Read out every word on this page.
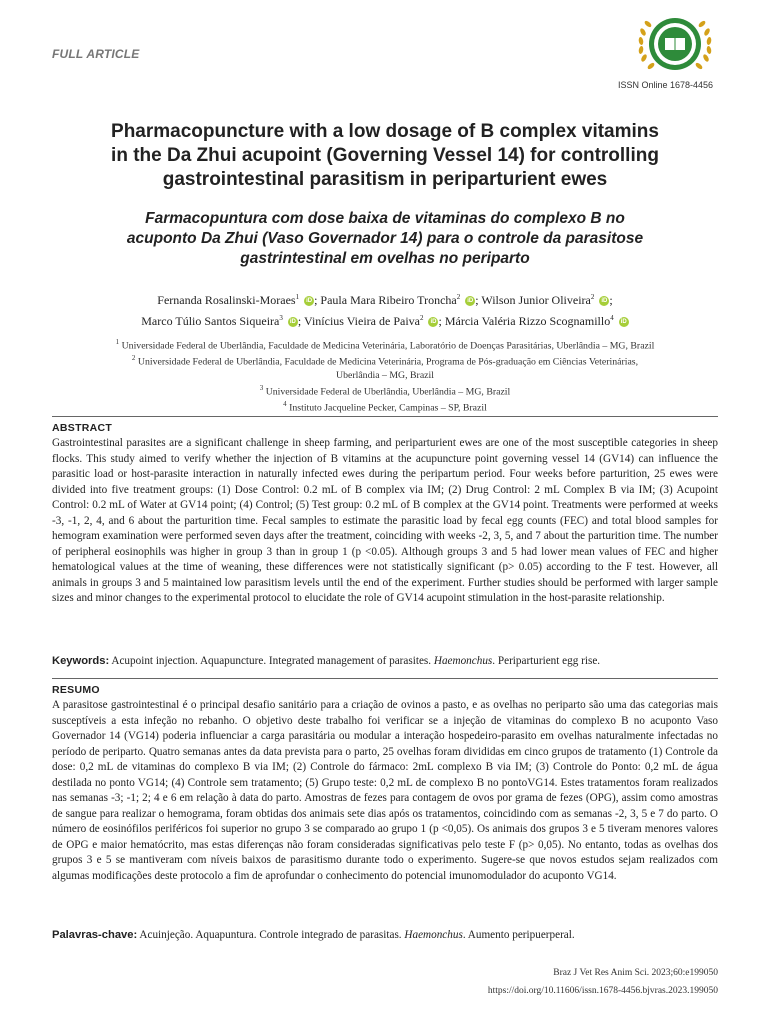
FULL ARTICLE
ISSN Online 1678-4456
Pharmacopuncture with a low dosage of B complex vitamins
in the Da Zhui acupoint (Governing Vessel 14) for controlling
gastrointestinal parasitism in periparturient ewes
Farmacopuntura com dose baixa de vitaminas do complexo B no
acuponto Da Zhui (Vaso Governador 14) para o controle da parasitose
gastrintestinal em ovelhas no periparto
Fernanda Rosalinski-Moraes$^1$ iD ; Paula Mara Ribeiro Troncha$^2$ iD ; Wilson Junior Oliveira$^2$ iD ;
Marco Túlio Santos Siqueira$^3$ iD ; Vinícius Vieira de Paiva$^2$ iD ; Márcia Valéria Rizzo Scognamillo$^4$ iD
$^1$ Universidade Federal de Uberlândia, Faculdade de Medicina Veterinária, Laboratório de Doenças Parasitárias, Uberlândia – MG, Brazil
$^2$ Universidade Federal de Uberlândia, Faculdade de Medicina Veterinária, Programa de Pós-graduação em Ciências Veterinárias,
Uberlândia – MG, Brazil
$^3$ Universidade Federal de Uberlândia, Uberlândia – MG, Brazil
$^4$ Instituto Jacqueline Pecker, Campinas – SP, Brazil
ABSTRACT
Gastrointestinal parasites are a significant challenge in sheep farming, and periparturient ewes are one of the most susceptible categories in sheep flocks. This study aimed to verify whether the injection of B vitamins at the acupuncture point governing vessel 14 (GV14) can influence the parasitic load or host-parasite interaction in naturally infected ewes during the peripartum period. Four weeks before parturition, 25 ewes were divided into five treatment groups: (1) Dose Control: 0.2 mL of B complex via IM; (2) Drug Control: 2 mL Complex B via IM; (3) Acupoint Control: 0.2 mL of Water at GV14 point; (4) Control; (5) Test group: 0.2 mL of B complex at the GV14 point. Treatments were performed at weeks -3, -1, 2, 4, and 6 about the parturition time. Fecal samples to estimate the parasitic load by fecal egg counts (FEC) and total blood samples for hemogram examination were performed seven days after the treatment, coinciding with weeks -2, 3, 5, and 7 about the parturition time. The number of peripheral eosinophils was higher in group 3 than in group 1 (p <0.05). Although groups 3 and 5 had lower mean values of FEC and higher hematological values at the time of weaning, these differences were not statistically significant (p> 0.05) according to the F test. However, all animals in groups 3 and 5 maintained low parasitism levels until the end of the experiment. Further studies should be performed with larger sample sizes and minor changes to the experimental protocol to elucidate the role of GV14 acupoint stimulation in the host-parasite relationship.
Keywords: Acupoint injection. Aquapuncture. Integrated management of parasites. Haemonchus. Periparturient egg rise.
RESUMO
A parasitose gastrointestinal é o principal desafio sanitário para a criação de ovinos a pasto, e as ovelhas no periparto são uma das categorias mais susceptíveis a esta infeção no rebanho. O objetivo deste trabalho foi verificar se a injeção de vitaminas do complexo B no acuponto Vaso Governador 14 (VG14) poderia influenciar a carga parasitária ou modular a interação hospedeiro-parasito em ovelhas naturalmente infectadas no período de periparto. Quatro semanas antes da data prevista para o parto, 25 ovelhas foram divididas em cinco grupos de tratamento (1) Controle da dose: 0,2 mL de vitaminas do complexo B via IM; (2) Controle do fármaco: 2mL complexo B via IM; (3) Controle do Ponto: 0,2 mL de água destilada no ponto VG14; (4) Controle sem tratamento; (5) Grupo teste: 0,2 mL de complexo B no pontoVG14. Estes tratamentos foram realizados nas semanas -3; -1; 2; 4 e 6 em relação à data do parto. Amostras de fezes para contagem de ovos por grama de fezes (OPG), assim como amostras de sangue para realizar o hemograma, foram obtidas dos animais sete dias após os tratamentos, coincidindo com as semanas -2, 3, 5 e 7 do parto. O número de eosinófilos periféricos foi superior no grupo 3 se comparado ao grupo 1 (p <0,05). Os animais dos grupos 3 e 5 tiveram menores valores de OPG e maior hematócrito, mas estas diferenças não foram consideradas significativas pelo teste F (p> 0,05). No entanto, todas as ovelhas dos grupos 3 e 5 se mantiveram com níveis baixos de parasitismo durante todo o experimento. Sugere-se que novos estudos sejam realizados com algumas modificações deste protocolo a fim de aprofundar o conhecimento do potencial imunomodulador do acuponto VG14.
Palavras-chave: Acuinjeção. Aquapuntura. Controle integrado de parasitas. Haemonchus. Aumento peripuerperal.
Braz J Vet Res Anim Sci. 2023;60:e199050
https://doi.org/10.11606/issn.1678-4456.bjvras.2023.199050
